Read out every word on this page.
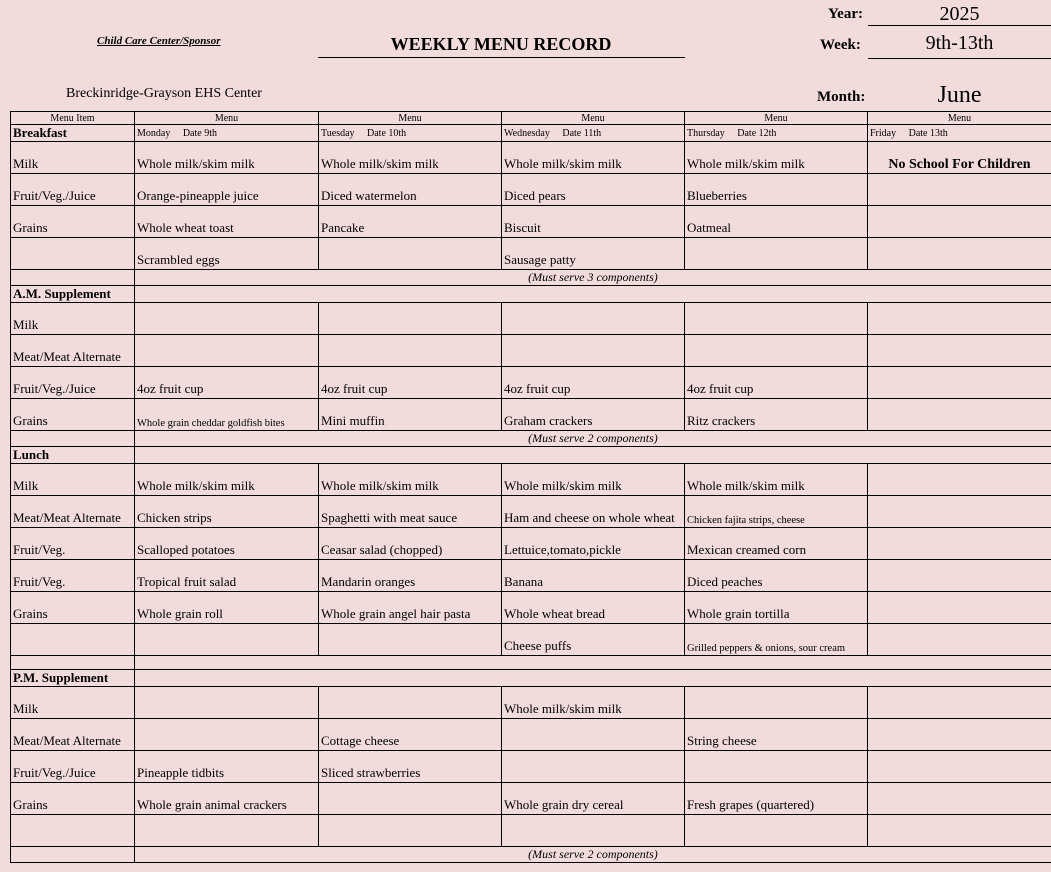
Child Care Center/Sponsor	WEEKLY MENU RECORD
Breckinridge-Grayson EHS Center
Year:	2025
Week:	9th-13th
Month:	June
Menu Item	Menu	Menu	Menu	Menu	Menu
Breakfast	Monday     Date 9th	Tuesday     Date 10th	Wednesday     Date 11th	Thursday     Date 12th	Friday     Date 13th
Milk	Whole milk/skim milk	Whole milk/skim milk	Whole milk/skim milk	Whole milk/skim milk	No School For Children
Fruit/Veg./Juice	Orange-pineapple juice	Diced watermelon	Diced pears	Blueberries	
Grains	Whole wheat toast	Pancake	Biscuit	Oatmeal	
	Scrambled eggs		Sausage patty		
	(Must serve 3 components)				
A.M. Supplement					
Milk					
Meat/Meat Alternate					
Fruit/Veg./Juice	4oz fruit cup	4oz fruit cup	4oz fruit cup	4oz fruit cup	
Grains	Whole grain cheddar goldfish bites	Mini muffin	Graham crackers	Ritz crackers	
	(Must serve 2 components)				
Lunch					
Milk	Whole milk/skim milk	Whole milk/skim milk	Whole milk/skim milk	Whole milk/skim milk	
Meat/Meat Alternate	Chicken strips	Spaghetti with meat sauce	Ham and cheese on whole wheat	Chicken fajita strips, cheese	
Fruit/Veg.	Scalloped potatoes	Ceasar salad (chopped)	Lettuice,tomato,pickle	Mexican creamed corn	
Fruit/Veg.	Tropical fruit salad	Mandarin oranges	Banana	Diced peaches	
Grains	Whole grain roll	Whole grain angel hair pasta	Whole wheat bread	Whole grain tortilla	
			Cheese puffs	Grilled peppers & onions, sour cream	

P.M. Supplement					
Milk			Whole milk/skim milk		
Meat/Meat Alternate		Cottage cheese		String cheese	
Fruit/Veg./Juice	Pineapple tidbits	Sliced strawberries			
Grains	Whole grain animal crackers		Whole grain dry cereal	Fresh grapes (quartered)	

	(Must serve 2 components)				
